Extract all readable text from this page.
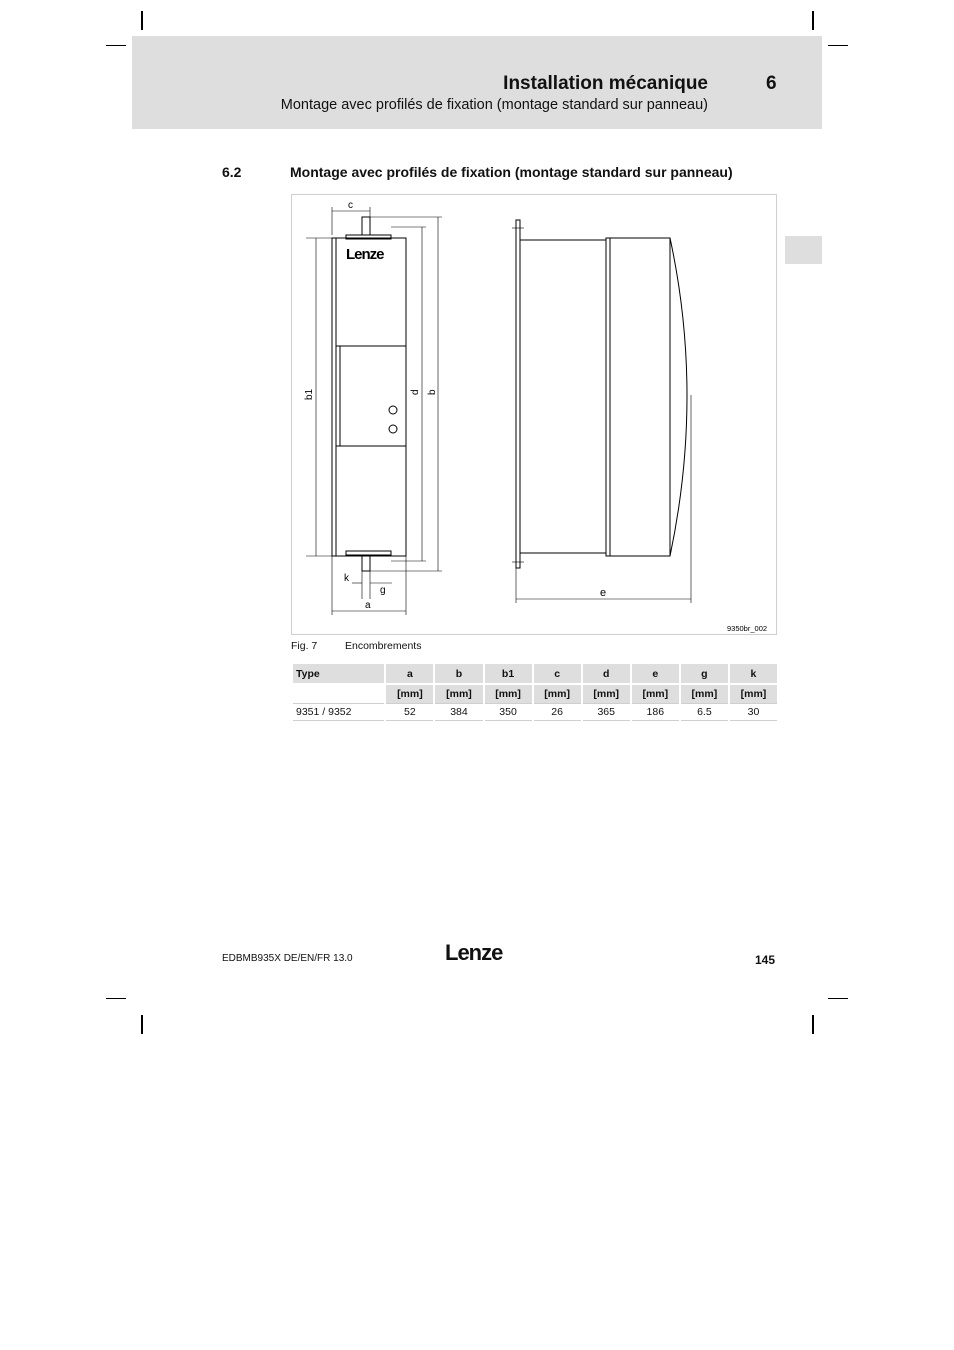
Installation mécanique	6
Montage avec profilés de fixation (montage standard sur panneau)
6.2	Montage avec profilés de fixation (montage standard sur panneau)
Lenze
c
b1	d b
a
k
g	e
9350br_002
Fig. 7	Encombrements
Type	a	b	b1	c	d	e	g	k
	[mm]	[mm]	[mm]	[mm]	[mm]	[mm]	[mm]	[mm]
9351 / 9352	52	384	350	26	365	186	6.5	30
EDBMB935X DE/EN/FR 13.0	Lenze	145
